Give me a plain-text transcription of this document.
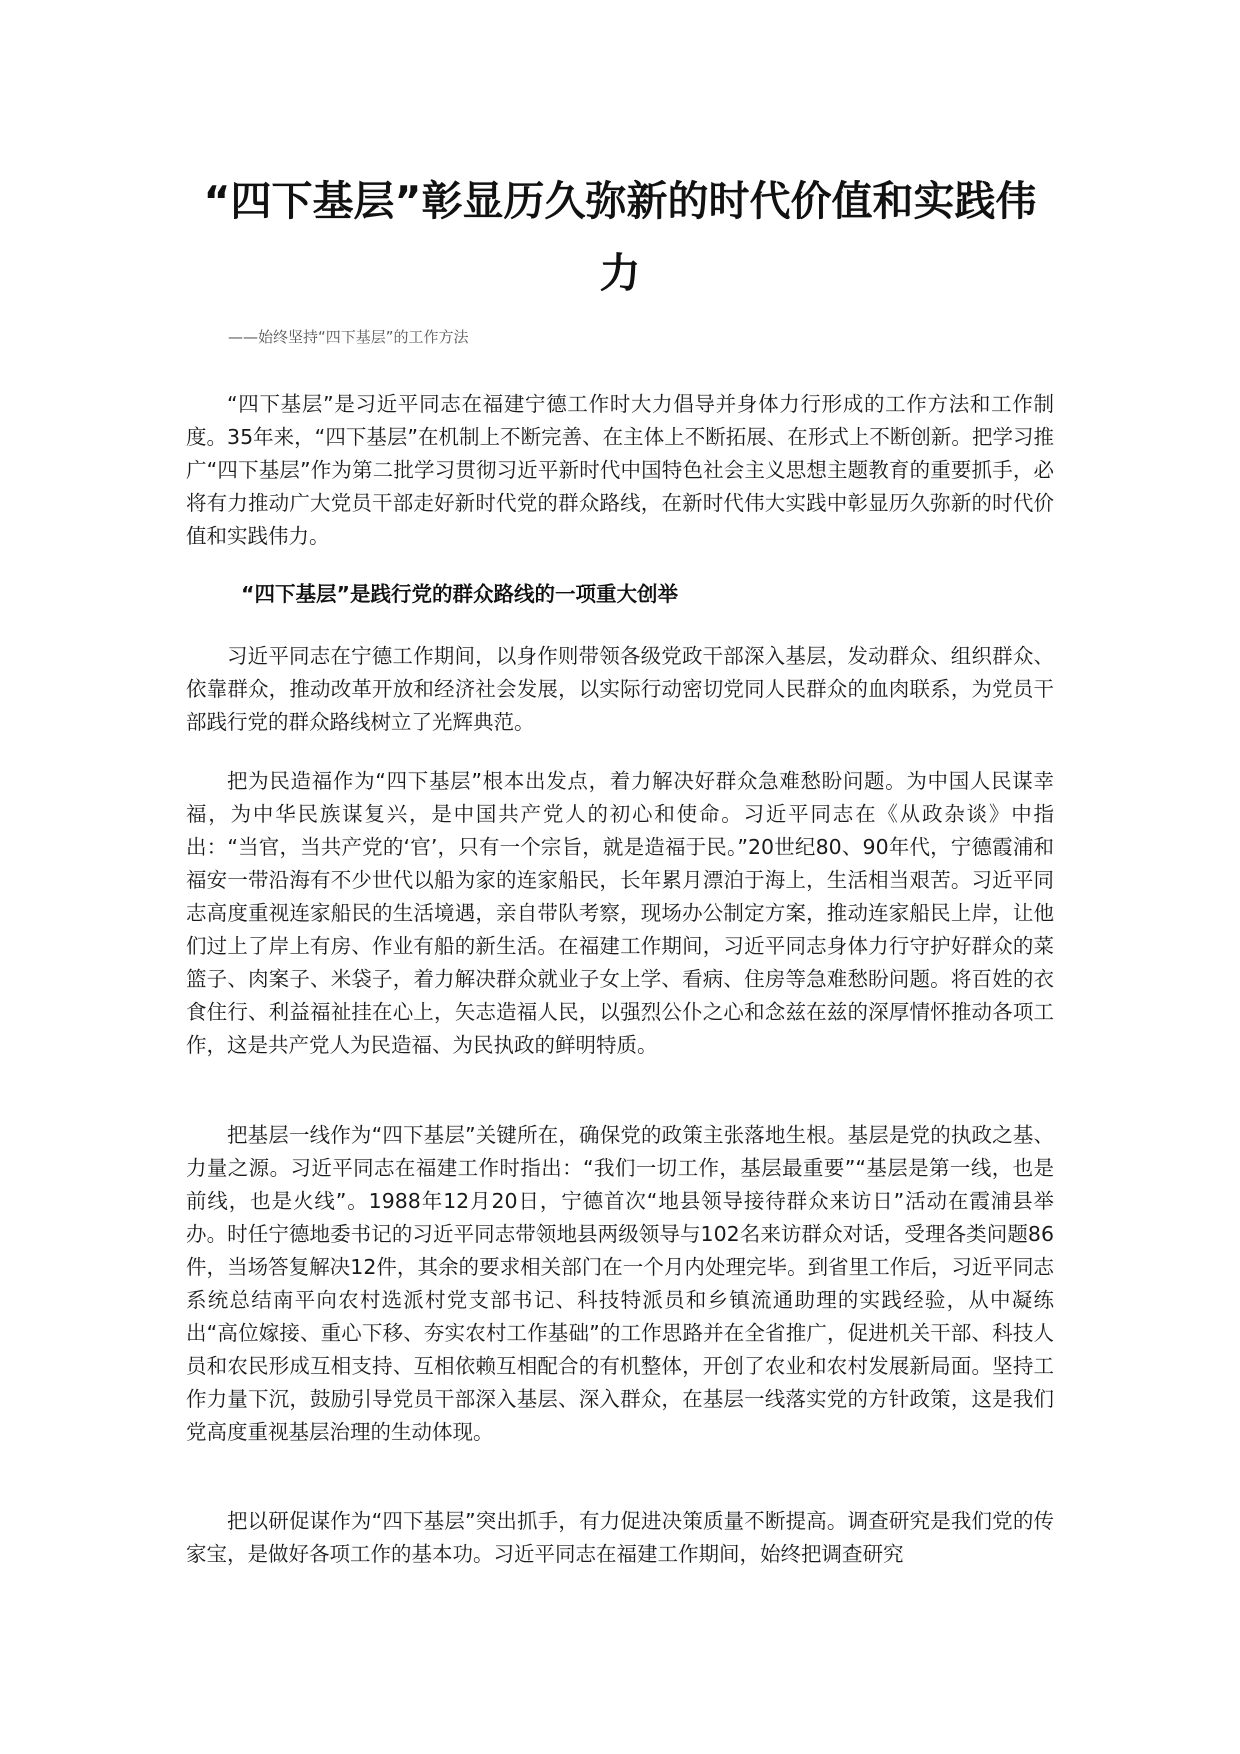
“四下基层”彰显历久弥新的时代价值和实践伟力

——始终坚持“四下基层”的工作方法

“四下基层”是习近平同志在福建宁德工作时大力倡导并身体力行形成的工作方法和工作制度。35年来，“四下基层”在机制上不断完善、在主体上不断拓展、在形式上不断创新。把学习推广“四下基层”作为第二批学习贯彻习近平新时代中国特色社会主义思想主题教育的重要抓手，必将有力推动广大党员干部走好新时代党的群众路线，在新时代伟大实践中彰显历久弥新的时代价值和实践伟力。

“四下基层”是践行党的群众路线的一项重大创举

习近平同志在宁德工作期间，以身作则带领各级党政干部深入基层，发动群众、组织群众、依靠群众，推动改革开放和经济社会发展，以实际行动密切党同人民群众的血肉联系，为党员干部践行党的群众路线树立了光辉典范。

把为民造福作为“四下基层”根本出发点，着力解决好群众急难愁盼问题。为中国人民谋幸福，为中华民族谋复兴，是中国共产党人的初心和使命。习近平同志在《从政杂谈》中指出：“当官，当共产党的‘官’，只有一个宗旨，就是造福于民。”20世纪80、90年代，宁德霞浦和福安一带沿海有不少世代以船为家的连家船民，长年累月漂泊于海上，生活相当艰苦。习近平同志高度重视连家船民的生活境遇，亲自带队考察，现场办公制定方案，推动连家船民上岸，让他们过上了岸上有房、作业有船的新生活。在福建工作期间，习近平同志身体力行守护好群众的菜篮子、肉案子、米袋子，着力解决群众就业子女上学、看病、住房等急难愁盼问题。将百姓的衣食住行、利益福祉挂在心上，矢志造福人民，以强烈公仆之心和念兹在兹的深厚情怀推动各项工作，这是共产党人为民造福、为民执政的鲜明特质。

把基层一线作为“四下基层”关键所在，确保党的政策主张落地生根。基层是党的执政之基、力量之源。习近平同志在福建工作时指出：“我们一切工作，基层最重要”“基层是第一线，也是前线，也是火线”。1988年12月20日，宁德首次“地县领导接待群众来访日”活动在霞浦县举办。时任宁德地委书记的习近平同志带领地县两级领导与102名来访群众对话，受理各类问题86件，当场答复解决12件，其余的要求相关部门在一个月内处理完毕。到省里工作后，习近平同志系统总结南平向农村选派村党支部书记、科技特派员和乡镇流通助理的实践经验，从中凝练出“高位嫁接、重心下移、夯实农村工作基础”的工作思路并在全省推广，促进机关干部、科技人员和农民形成互相支持、互相依赖互相配合的有机整体，开创了农业和农村发展新局面。坚持工作力量下沉，鼓励引导党员干部深入基层、深入群众，在基层一线落实党的方针政策，这是我们党高度重视基层治理的生动体现。

把以研促谋作为“四下基层”突出抓手，有力促进决策质量不断提高。调查研究是我们党的传家宝，是做好各项工作的基本功。习近平同志在福建工作期间，始终把调查研究
